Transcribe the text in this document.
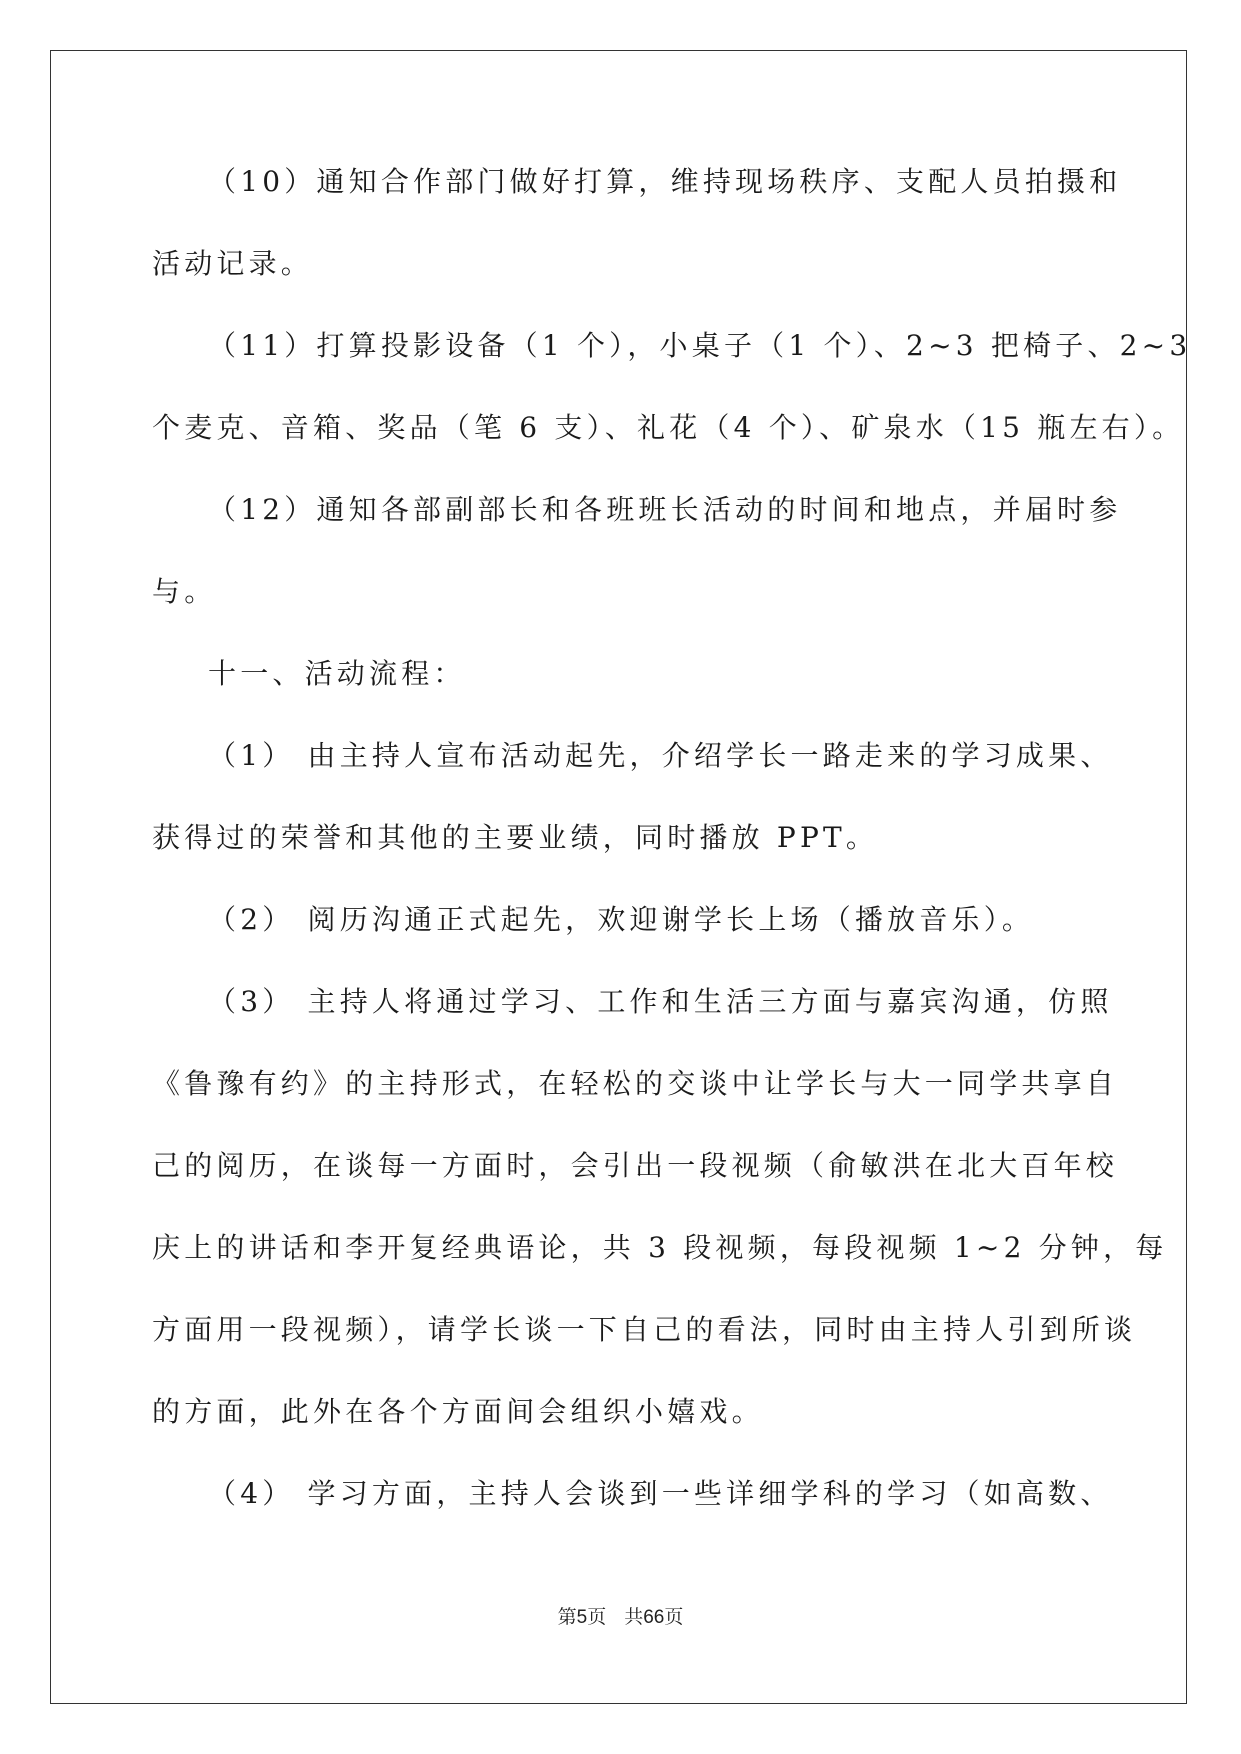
（10）通知合作部门做好打算，维持现场秩序、支配人员拍摄和
活动记录。
（11）打算投影设备（1 个），小桌子（1 个）、2~3 把椅子、2~3
个麦克、音箱、奖品（笔 6 支）、礼花（4 个）、矿泉水（15 瓶左右）。
（12）通知各部副部长和各班班长活动的时间和地点，并届时参
与。
十一、活动流程：
（1） 由主持人宣布活动起先，介绍学长一路走来的学习成果、
获得过的荣誉和其他的主要业绩，同时播放 PPT。
（2） 阅历沟通正式起先，欢迎谢学长上场（播放音乐）。
（3） 主持人将通过学习、工作和生活三方面与嘉宾沟通，仿照
《鲁豫有约》的主持形式，在轻松的交谈中让学长与大一同学共享自
己的阅历，在谈每一方面时，会引出一段视频（俞敏洪在北大百年校
庆上的讲话和李开复经典语论，共 3 段视频，每段视频 1~2 分钟，每
方面用一段视频），请学长谈一下自己的看法，同时由主持人引到所谈
的方面，此外在各个方面间会组织小嬉戏。
（4） 学习方面，主持人会谈到一些详细学科的学习（如高数、
第5页 共66页
